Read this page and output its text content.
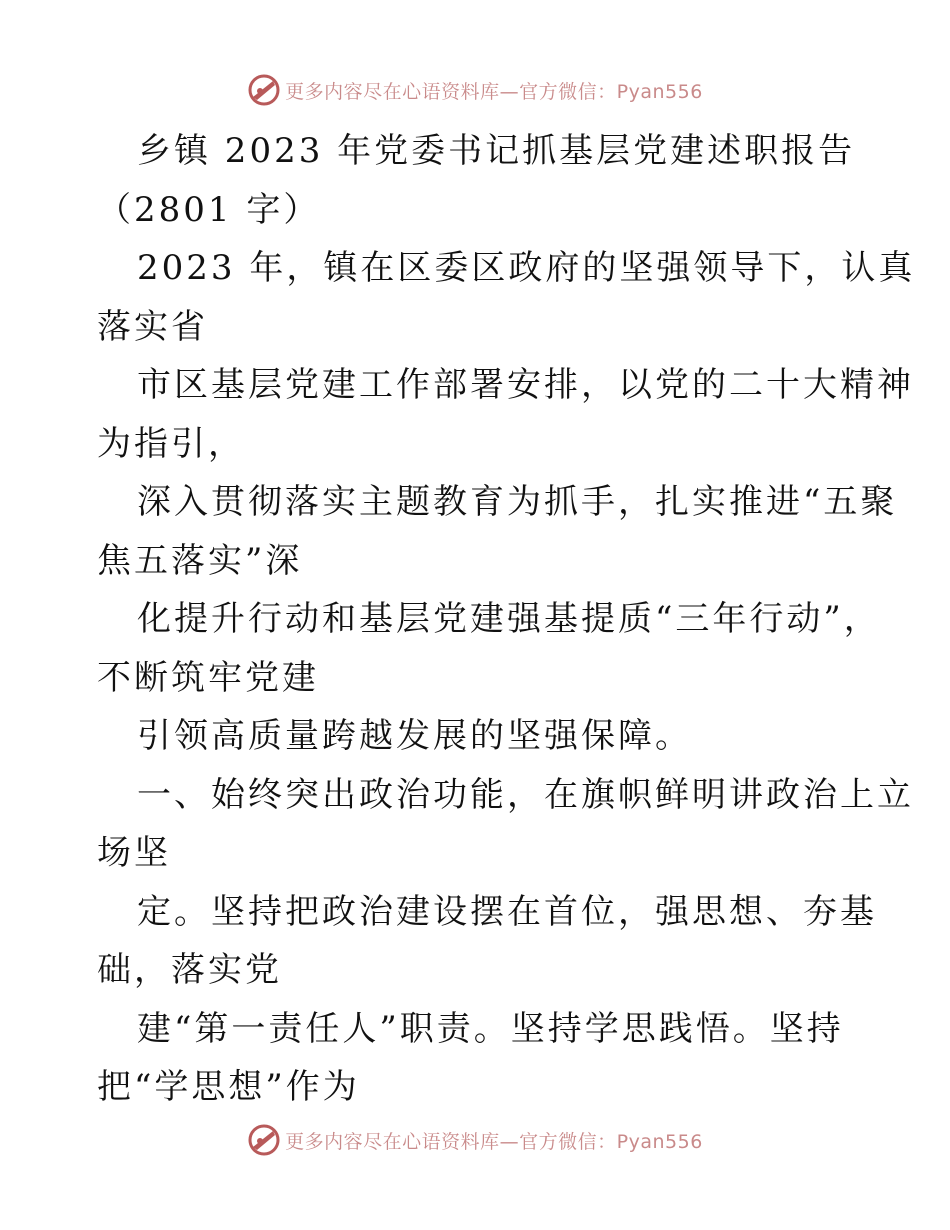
更多内容尽在心语资料库—官方微信：Pyan556
乡镇 2023 年党委书记抓基层党建述职报告
（2801 字）
2023 年，镇在区委区政府的坚强领导下，认真
落实省
市区基层党建工作部署安排，以党的二十大精神
为指引，
深入贯彻落实主题教育为抓手，扎实推进“五聚
焦五落实”深
化提升行动和基层党建强基提质“三年行动”，
不断筑牢党建
引领高质量跨越发展的坚强保障。
一、始终突出政治功能，在旗帜鲜明讲政治上立
场坚
定。坚持把政治建设摆在首位，强思想、夯基
础，落实党
建“第一责任人”职责。坚持学思践悟。坚持
把“学思想”作为
更多内容尽在心语资料库—官方微信：Pyan556
